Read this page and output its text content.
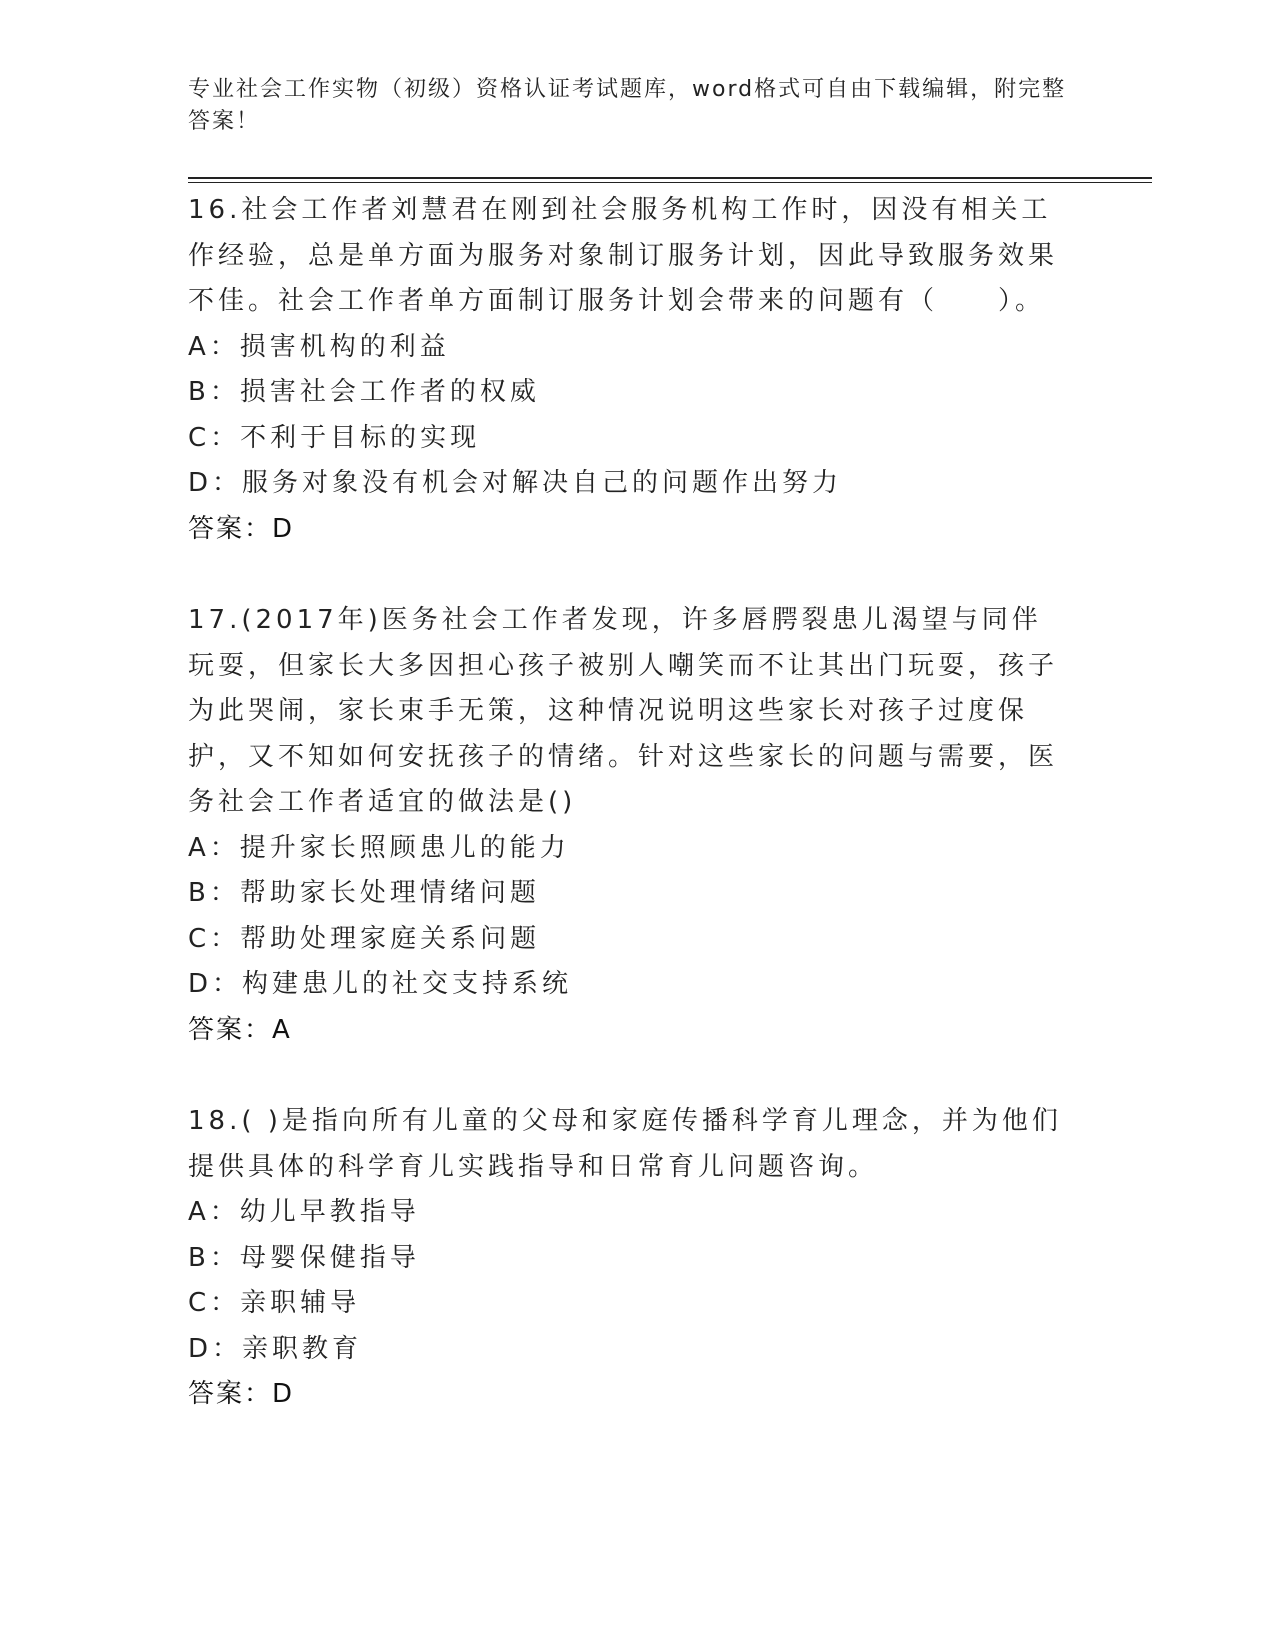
专业社会工作实物（初级）资格认证考试题库，word格式可自由下载编辑，附完整答案！

16.社会工作者刘慧君在刚到社会服务机构工作时，因没有相关工作经验，总是单方面为服务对象制订服务计划，因此导致服务效果不佳。社会工作者单方面制订服务计划会带来的问题有（　　）。

A：损害机构的利益

B：损害社会工作者的权威

C：不利于目标的实现

D：服务对象没有机会对解决自己的问题作出努力

答案：D

17.(2017年)医务社会工作者发现，许多唇腭裂患儿渴望与同伴玩耍，但家长大多因担心孩子被别人嘲笑而不让其出门玩耍，孩子为此哭闹，家长束手无策，这种情况说明这些家长对孩子过度保护，又不知如何安抚孩子的情绪。针对这些家长的问题与需要，医务社会工作者适宜的做法是()

A：提升家长照顾患儿的能力

B：帮助家长处理情绪问题

C：帮助处理家庭关系问题

D：构建患儿的社交支持系统

答案：A

18.( )是指向所有儿童的父母和家庭传播科学育儿理念，并为他们提供具体的科学育儿实践指导和日常育儿问题咨询。

A：幼儿早教指导

B：母婴保健指导

C：亲职辅导

D：亲职教育

答案：D
